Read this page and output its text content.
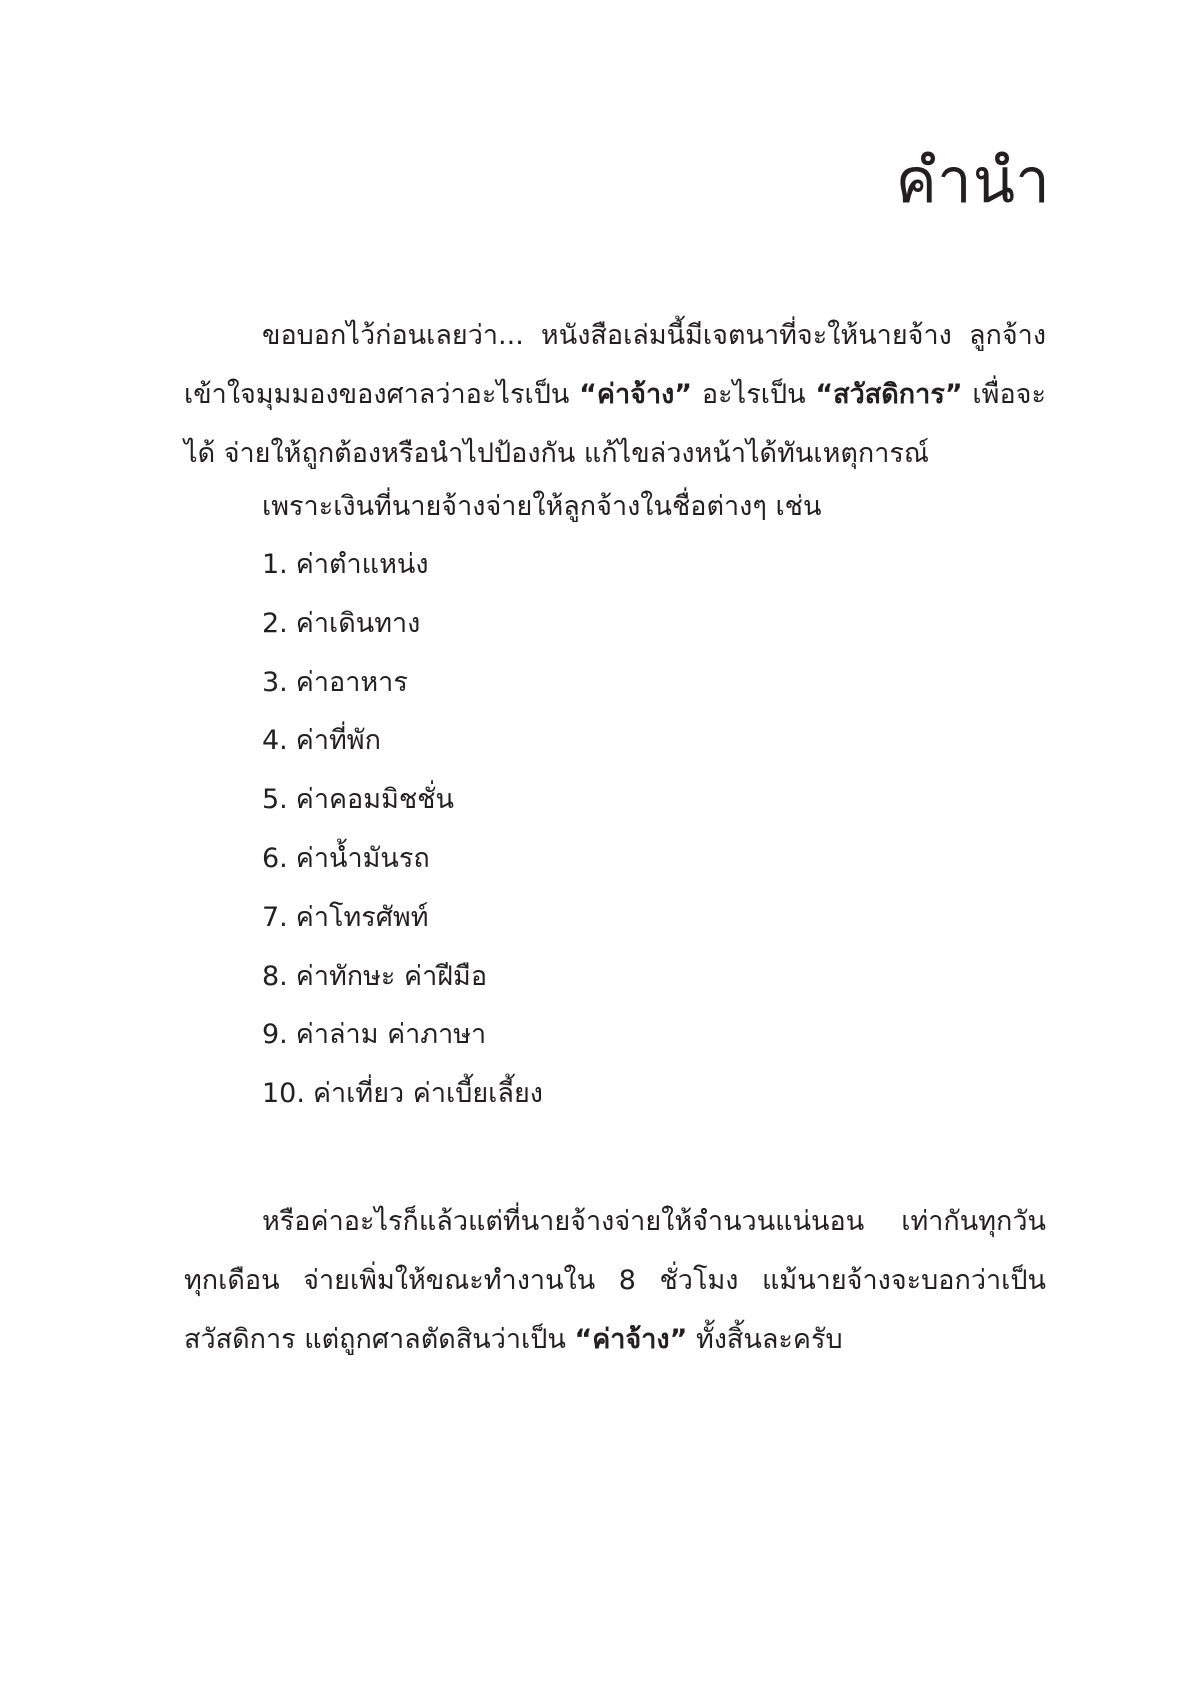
คำนำ

ขอบอกไว้ก่อนเลยว่า... หนังสือเล่มนี้มีเจตนาที่จะให้นายจ้าง ลูกจ้าง เข้าใจมุมมองของศาลว่าอะไรเป็น “ค่าจ้าง” อะไรเป็น “สวัสดิการ” เพื่อจะได้ จ่ายให้ถูกต้องหรือนำไปป้องกัน แก้ไขล่วงหน้าได้ทันเหตุการณ์

เพราะเงินที่นายจ้างจ่ายให้ลูกจ้างในชื่อต่างๆ เช่น

1. ค่าตำแหน่ง
2. ค่าเดินทาง
3. ค่าอาหาร
4. ค่าที่พัก
5. ค่าคอมมิชชั่น
6. ค่าน้ำมันรถ
7. ค่าโทรศัพท์
8. ค่าทักษะ ค่าฝีมือ
9. ค่าล่าม ค่าภาษา
10. ค่าเที่ยว ค่าเบี้ยเลี้ยง

หรือค่าอะไรก็แล้วแต่ที่นายจ้างจ่ายให้จำนวนแน่นอน เท่ากันทุกวัน ทุกเดือน จ่ายเพิ่มให้ขณะทำงานใน 8 ชั่วโมง แม้นายจ้างจะบอกว่าเป็นสวัสดิการ แต่ถูกศาลตัดสินว่าเป็น “ค่าจ้าง” ทั้งสิ้นละครับ
